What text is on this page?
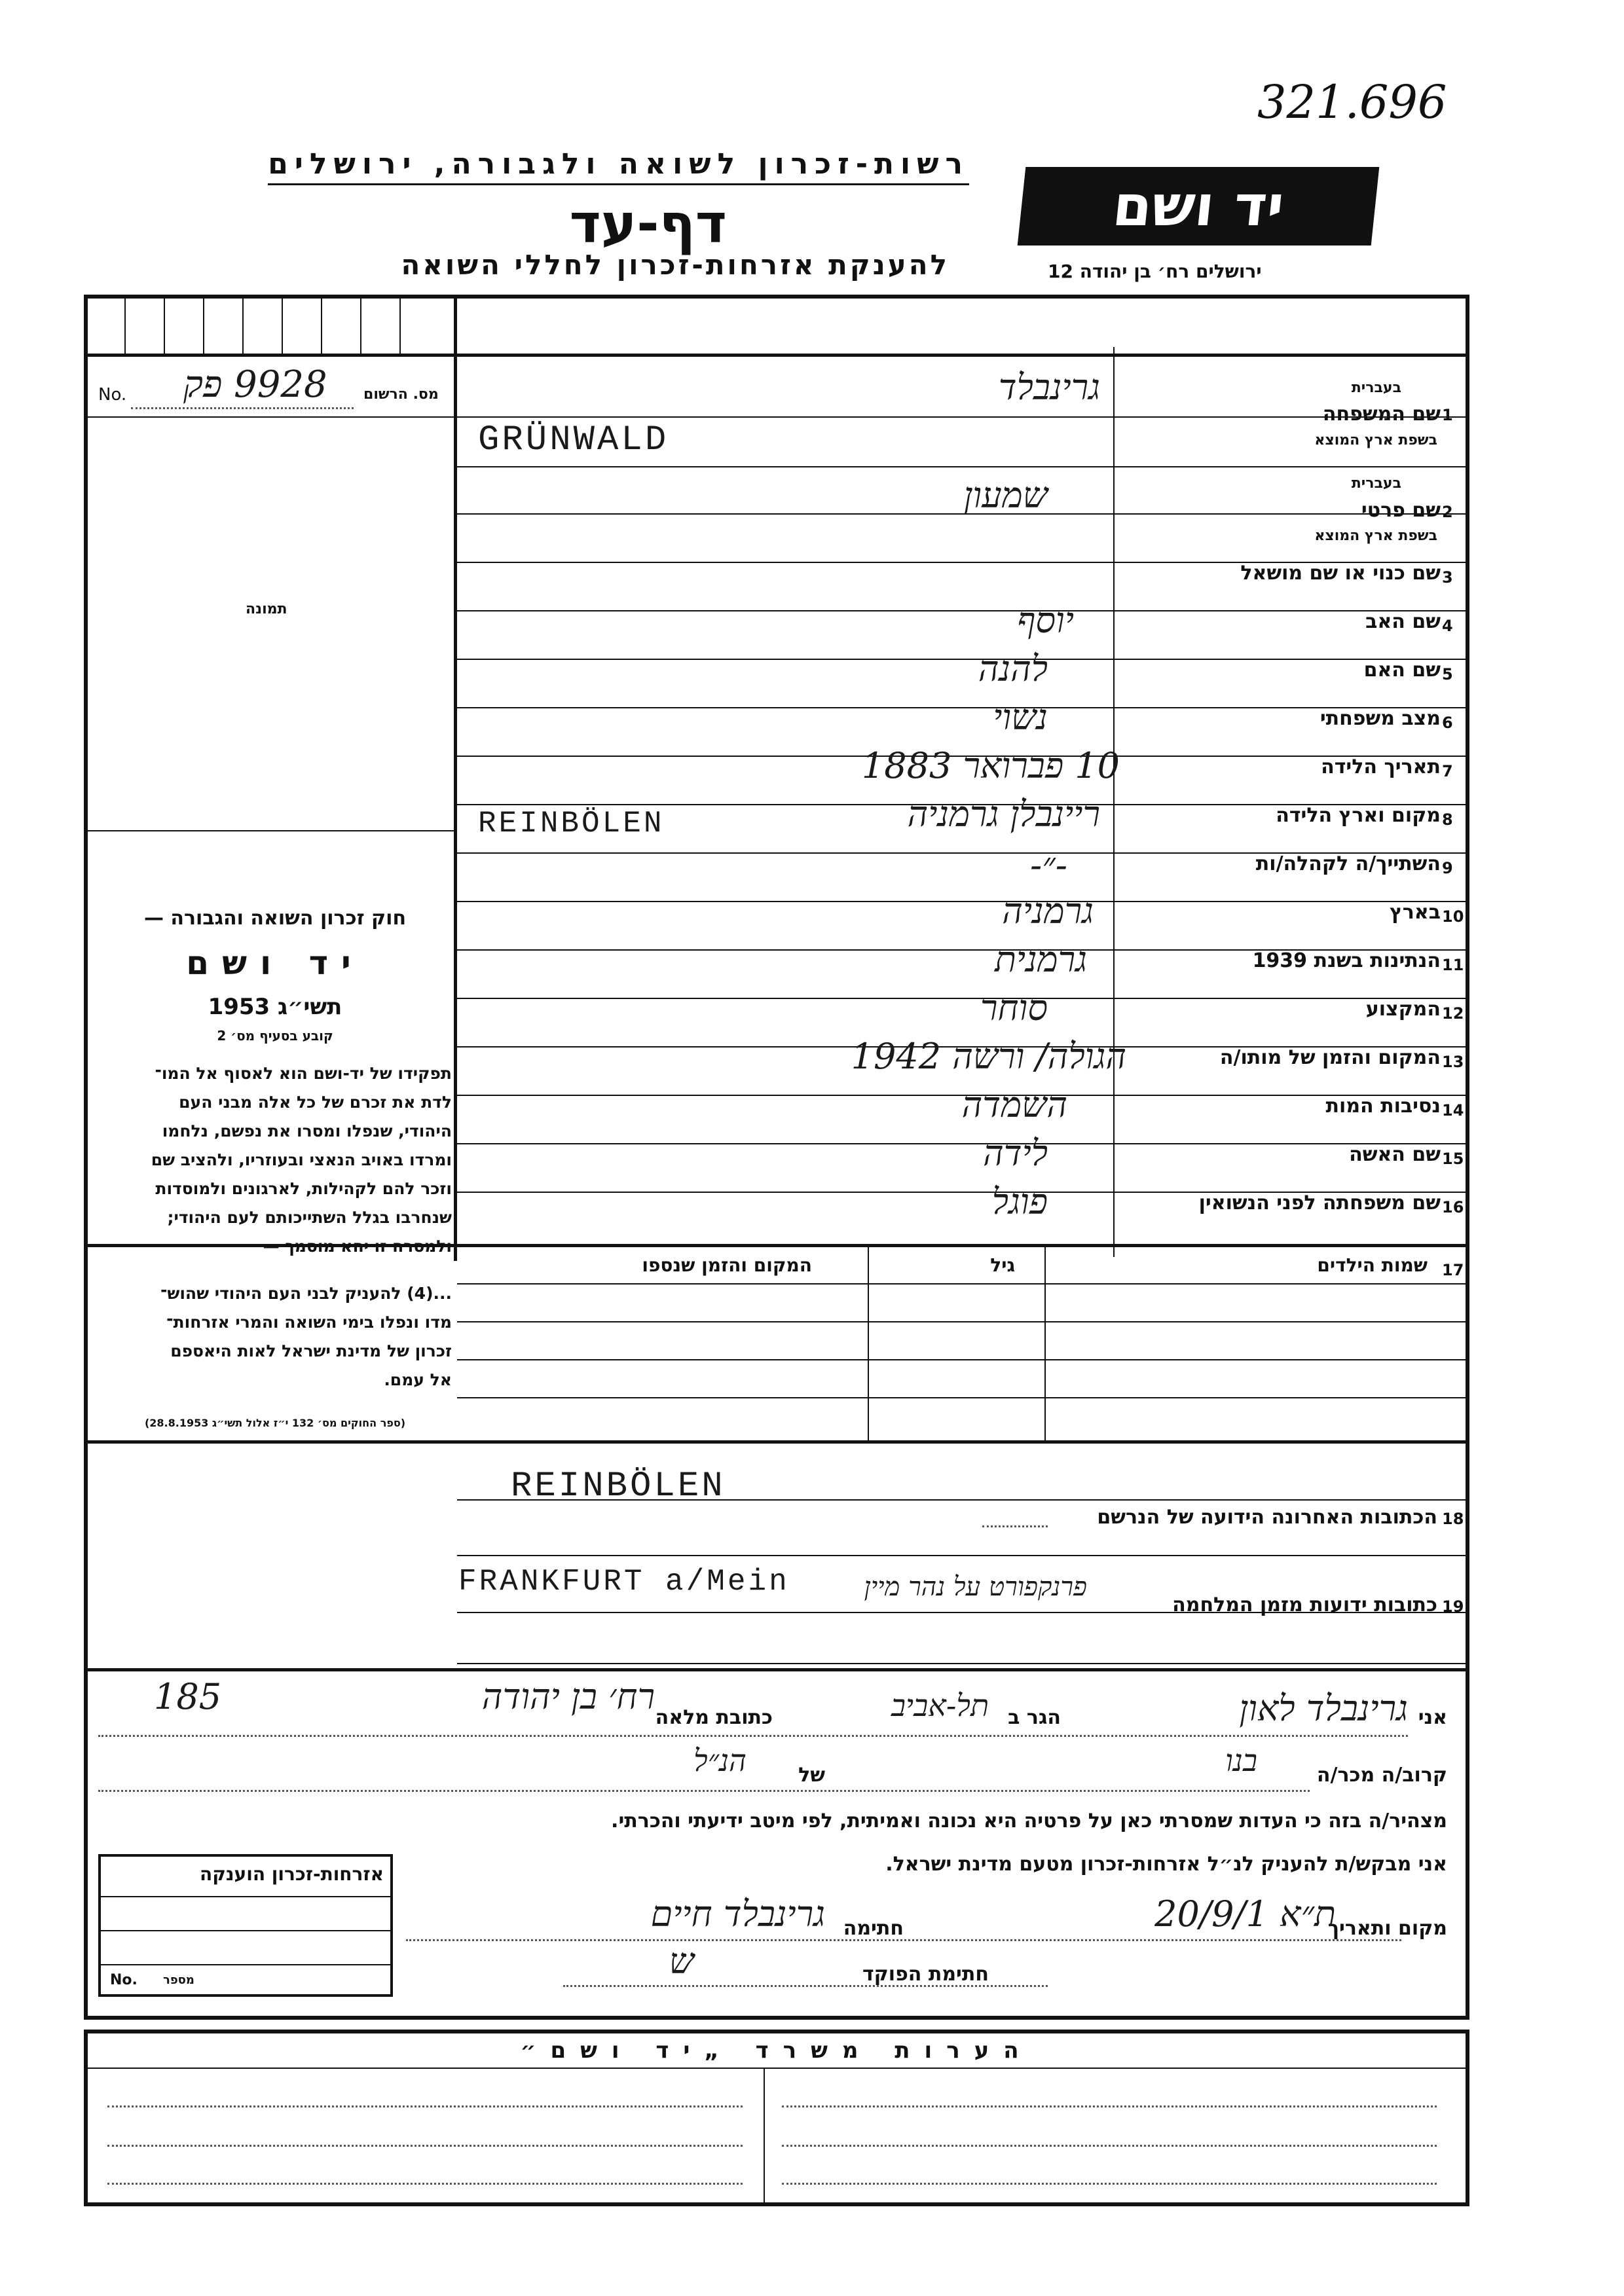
321.696
רשות-זכרון לשואה ולגבורה, ירושלים
דף-עד
להענקת אזרחות-זכרון לחללי השואה
יד ושם
ירושלים רח׳ בן יהודה 12
מס. הרשום
No. 9928 פק
תמונה
חוק זכרון השואה והגבורה —
יד ושם
תשי״ג 1953
קובע בסעיף מס׳ 2
תפקידו של יד-ושם הוא לאסוף אל המו־
לדת את זכרם של כל אלה מבני העם
היהודי, שנפלו ומסרו את נפשם, נלחמו
ומרדו באויב הנאצי ובעוזריו, ולהציב שם
וזכר להם לקהילות, לארגונים ולמוסדות
שנחרבו בגלל השתייכותם לעם היהודי;
ולמסרה זו יהא מוסמך —
...(4) להעניק לבני העם היהודי שהוש־
מדו ונפלו בימי השואה והמרי אזרחות־
זכרון של מדינת ישראל לאות היאספם
אל עמם.
(ספר החוקים מס׳ 132 י״ז אלול תשי״ג 28.8.1953)
1
בעברית
שם המשפחה
בשפת ארץ המוצא
גרינבלד
GRÜNWALD
2
בעברית
שם פרטי
בשפת ארץ המוצא
שמעון
3
שם כנוי או שם מושאל
4
שם האב
יוסף
5
שם האם
להנה
6
מצב משפחתי
נשוי
7
תאריך הלידה
10 פברואר 1883
8
מקום וארץ הלידה
ריינבלן גרמניה
REINBÖLEN
9
השתייך/ה לקהלה/ות
-״-
10
בארץ
גרמניה
11
הנתינות בשנת 1939
גרמנית
12
המקצוע
סוחר
13
המקום והזמן של מותו/ה
הגולה/ ורשה 1942
14
נסיבות המות
השמדה
15
שם האשה
לידה
16
שם משפחתה לפני הנשואין
פוגל
17
שמות הילדים
גיל
המקום והזמן שנספו
18
הכתובות האחרונה הידועה של הנרשם
REINBÖLEN
19
כתובות ידועות מזמן המלחמה
FRANKFURT a/Mein	פרנקפורט על נהר מיין
אני
גרינבלד לאון
הגר ב
תל-אביב
כתובת מלאה
רח׳ בן יהודה
185
קרוב/ה מכר/ה
בנו
של
הנ״ל
מצהיר/ה בזה כי העדות שמסרתי כאן על פרטיה היא נכונה ואמיתית, לפי מיטב ידיעתי והכרתי.
אני מבקש/ת להעניק לנ״ל אזרחות-זכרון מטעם מדינת ישראל.
מקום ותאריך
ת״א 20/9/1
חתימה
גרינבלד חיים
חתימת הפוקד
ש
אזרחות-זכרון הוענקה
No. מספר
הערות משרד „יד ושם״
